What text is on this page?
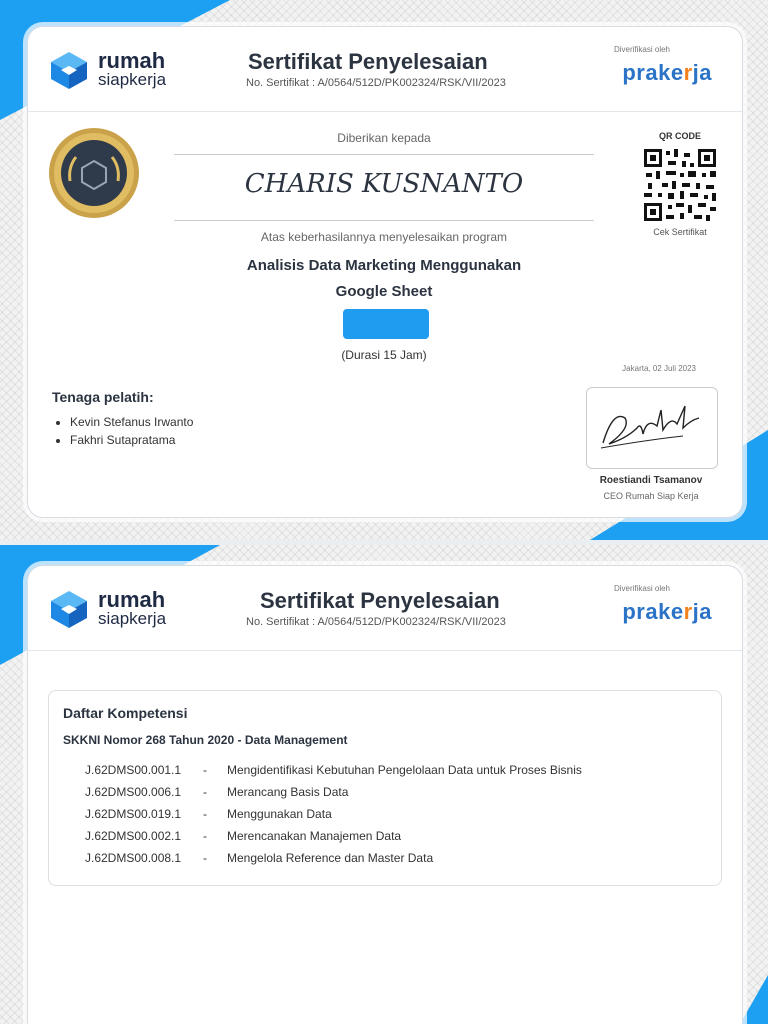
rumah
siapkerja
Sertifikat Penyelesaian
No. Sertifikat : A/0564/512D/PK002324/RSK/VII/2023
Diverifikasi oleh
prakerja
Diberikan kepada
CHARIS KUSNANTO
Atas keberhasilannya menyelesaikan program
Analisis Data Marketing Menggunakan
Google Sheet
(Durasi 15 Jam)
QR CODE
Cek Sertifikat
Jakarta, 02 Juli 2023
Tenaga pelatih:
• Kevin Stefanus Irwanto
• Fakhri Sutapratama
Roestiandi Tsamanov
CEO Rumah Siap Kerja
rumah
siapkerja
Sertifikat Penyelesaian
No. Sertifikat : A/0564/512D/PK002324/RSK/VII/2023
Diverifikasi oleh
prakerja
Daftar Kompetensi
SKKNI Nomor 268 Tahun 2020 - Data Management
J.62DMS00.001.1	-	Mengidentifikasi Kebutuhan Pengelolaan Data untuk Proses Bisnis
J.62DMS00.006.1	-	Merancang Basis Data
J.62DMS00.019.1	-	Menggunakan Data
J.62DMS00.002.1	-	Merencanakan Manajemen Data
J.62DMS00.008.1	-	Mengelola Reference dan Master Data
